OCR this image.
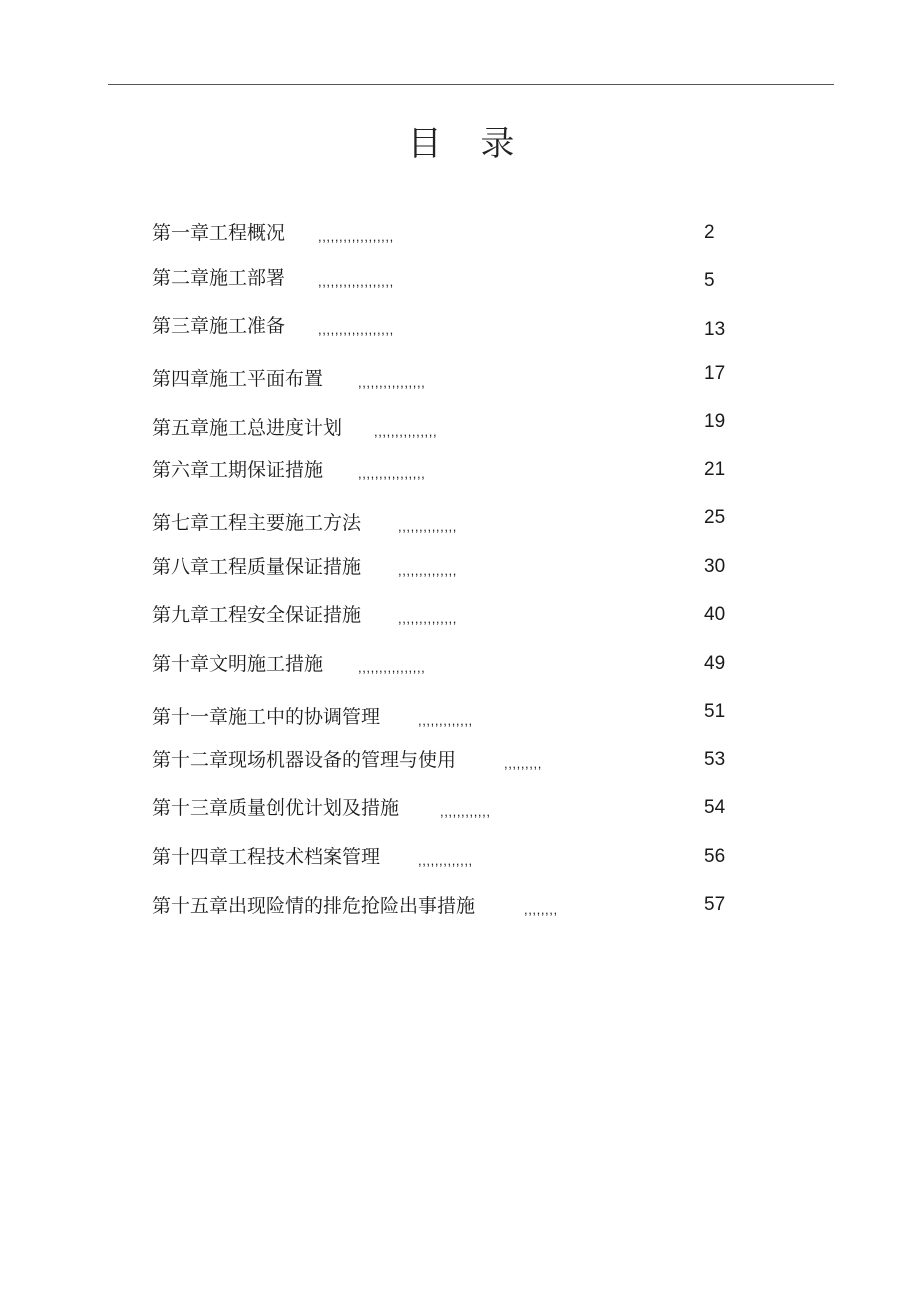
目 录
第一章工程概况	,,,,,,,,,,,,,,,,,,	2
第二章施工部署	,,,,,,,,,,,,,,,,,,	5
第三章施工准备	,,,,,,,,,,,,,,,,,,	13
第四章施工平面布置	,,,,,,,,,,,,,,,,	17
第五章施工总进度计划 ,,,,,,,,,,,,,,,	19
第六章工期保证措施	,,,,,,,,,,,,,,,,	21
第七章工程主要施工方法	,,,,,,,,,,,,,,	25
第八章工程质量保证措施	,,,,,,,,,,,,,,	30
第九章工程安全保证措施	,,,,,,,,,,,,,,	40
第十章文明施工措施	,,,,,,,,,,,,,,,,	49
第十一章施工中的协调管理	,,,,,,,,,,,,,	51
第十二章现场机器设备的管理与使用	,,,,,,,,,	53
第十三章质量创优计划及措施	,,,,,,,,,,,,	54
第十四章工程技术档案管理	,,,,,,,,,,,,,	56
第十五章出现险情的排危抢险出事措施	,,,,,,,,	57
